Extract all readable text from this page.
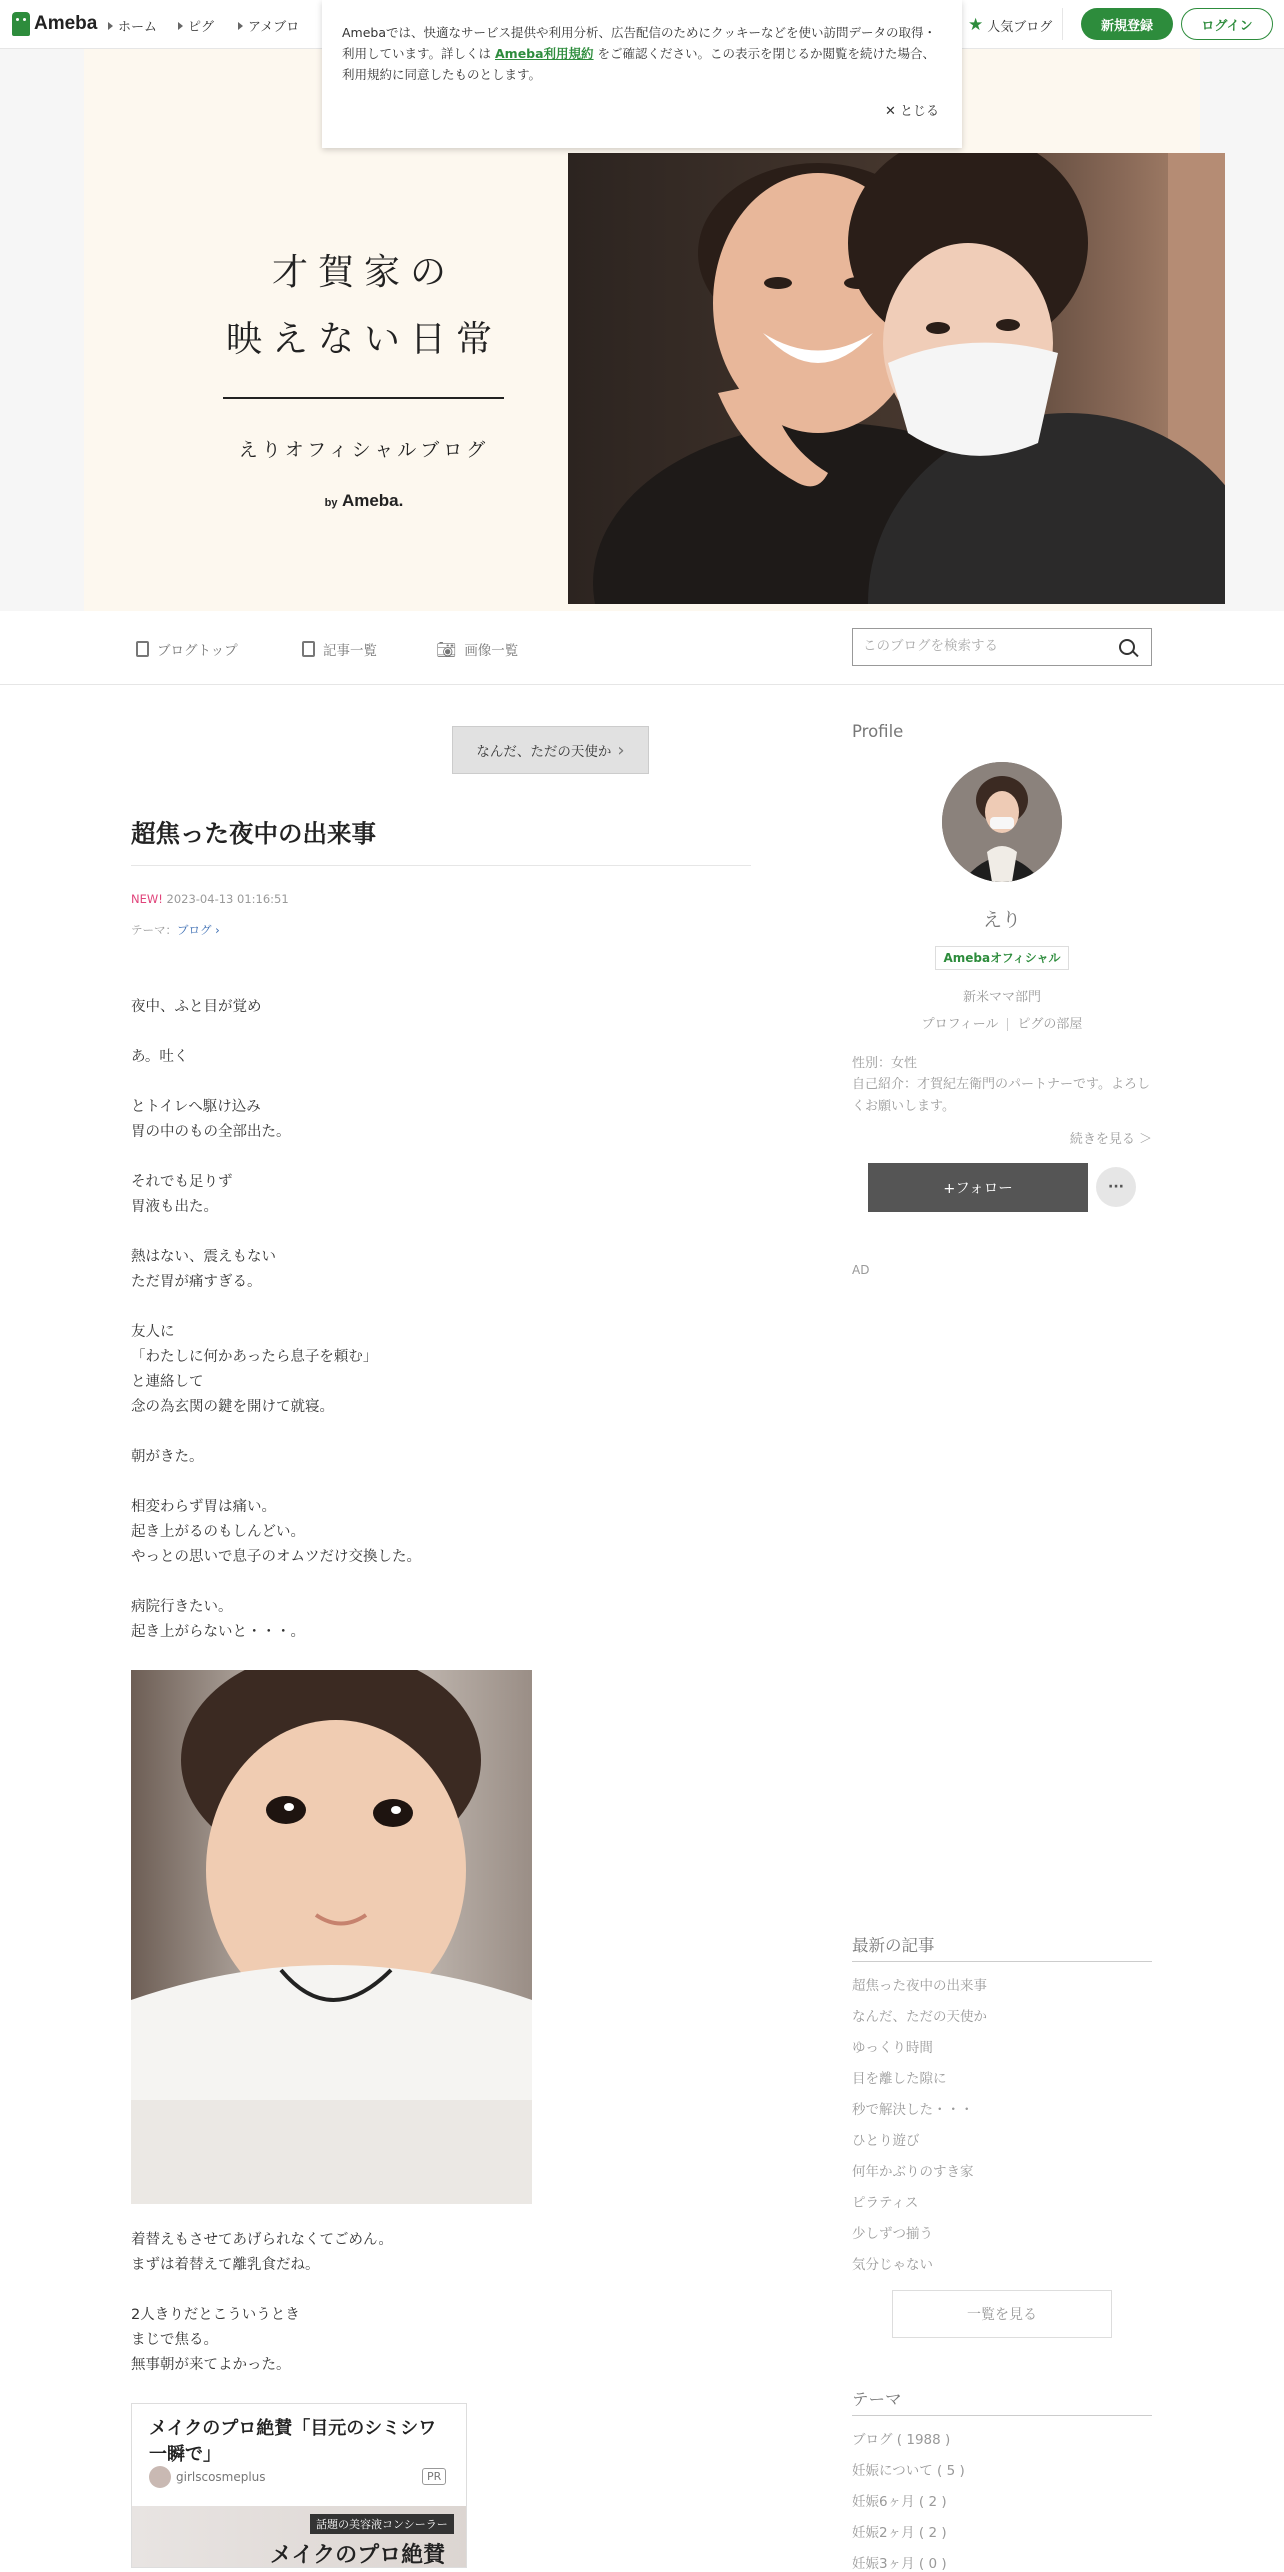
Ameba ホーム ピグ	アメブロ	★ 人気ブログ	新規登録	ログイン
Amebaでは、快適なサービス提供や利用分析、広告配信のためにクッキーなどを使い訪問データの取得・利用しています。詳しくは Ameba利用規約 をご確認ください。この表示を閉じるか閲覧を続けた場合、利用規約に同意したものとします。
✕ とじる
才賀家の
映えない日常
えりオフィシャルブログ
by Ameba.
ブログトップ	記事一覧	📷︎ 画像一覧
このブログを検索する
なんだ、ただの天使か ›
超焦った夜中の出来事
NEW! 2023-04-13 01:16:51
テーマ：ブログ ›
夜中、ふと目が覚め
あ。吐く
とトイレへ駆け込み
胃の中のもの全部出た。
それでも足りず
胃液も出た。
熱はない、震えもない
ただ胃が痛すぎる。
友人に
「わたしに何かあったら息子を頼む」
と連絡して
念の為玄関の鍵を開けて就寝。
朝がきた。
相変わらず胃は痛い。
起き上がるのもしんどい。
やっとの思いで息子のオムツだけ交換した。
病院行きたい。
起き上がらないと・・・。
着替えもさせてあげられなくてごめん。
まずは着替えて離乳食だね。
2人きりだとこういうとき
まじで焦る。
無事朝が来てよかった。
メイクのプロ絶賛「目元のシミシワ一瞬で」
girlscosmeplus	PR
話題の美容液コンシーラー
メイクのプロ絶賛
Profile
えり
Amebaオフィシャル
新米ママ部門
プロフィール ピグの部屋
性別：女性
自己紹介：才賀紀左衛門のパートナーです。よろしくお願いします。
続きを見る ＞
+フォロー	···
AD
最新の記事
超焦った夜中の出来事
なんだ、ただの天使か
ゆっくり時間
目を離した隙に
秒で解決した・・・
ひとり遊び
何年かぶりのすき家
ピラティス
少しずつ揃う
気分じゃない
一覧を見る
テーマ
ブログ ( 1988 )
妊娠について ( 5 )
妊娠6ヶ月 ( 2 )
妊娠2ヶ月 ( 2 )
妊娠3ヶ月 ( 0 )
